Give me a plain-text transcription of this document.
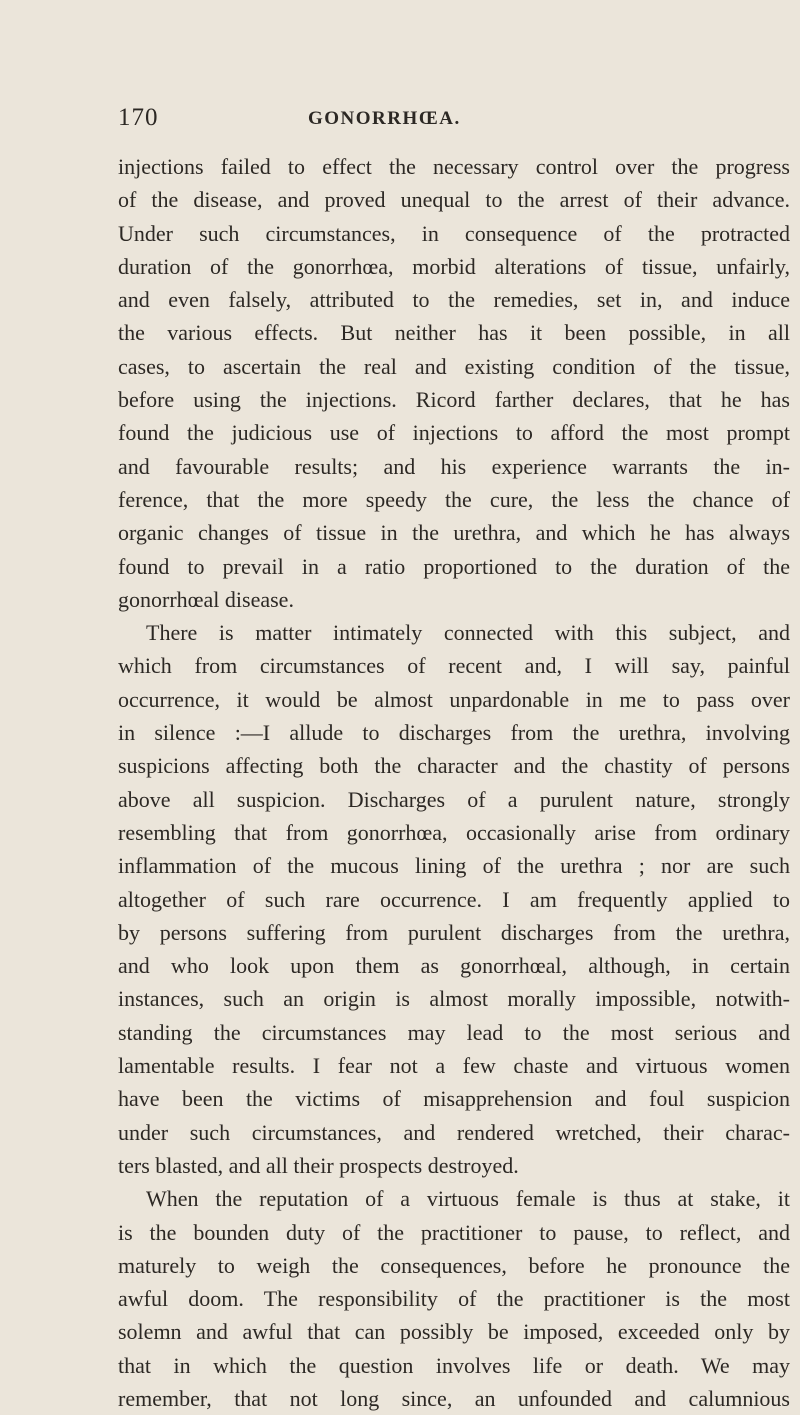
170	GONORRHŒA.
injections failed to effect the necessary control over the progress
of the disease, and proved unequal to the arrest of their advance.
Under such circumstances, in consequence of the protracted
duration of the gonorrhœa, morbid alterations of tissue, unfairly,
and even falsely, attributed to the remedies, set in, and induce
the various effects. But neither has it been possible, in all
cases, to ascertain the real and existing condition of the tissue,
before using the injections. Ricord farther declares, that he has
found the judicious use of injections to afford the most prompt
and favourable results; and his experience warrants the in-
ference, that the more speedy the cure, the less the chance of
organic changes of tissue in the urethra, and which he has always
found to prevail in a ratio proportioned to the duration of the
gonorrhœal disease.
There is matter intimately connected with this subject, and
which from circumstances of recent and, I will say, painful
occurrence, it would be almost unpardonable in me to pass over
in silence :—I allude to discharges from the urethra, involving
suspicions affecting both the character and the chastity of persons
above all suspicion. Discharges of a purulent nature, strongly
resembling that from gonorrhœa, occasionally arise from ordinary
inflammation of the mucous lining of the urethra ; nor are such
altogether of such rare occurrence. I am frequently applied to
by persons suffering from purulent discharges from the urethra,
and who look upon them as gonorrhœal, although, in certain
instances, such an origin is almost morally impossible, notwith-
standing the circumstances may lead to the most serious and
lamentable results. I fear not a few chaste and virtuous women
have been the victims of misapprehension and foul suspicion
under such circumstances, and rendered wretched, their charac-
ters blasted, and all their prospects destroyed.
When the reputation of a virtuous female is thus at stake, it
is the bounden duty of the practitioner to pause, to reflect, and
maturely to weigh the consequences, before he pronounce the
awful doom. The responsibility of the practitioner is the most
solemn and awful that can possibly be imposed, exceeded only by
that in which the question involves life or death. We may
remember, that not long since, an unfounded and calumnious
